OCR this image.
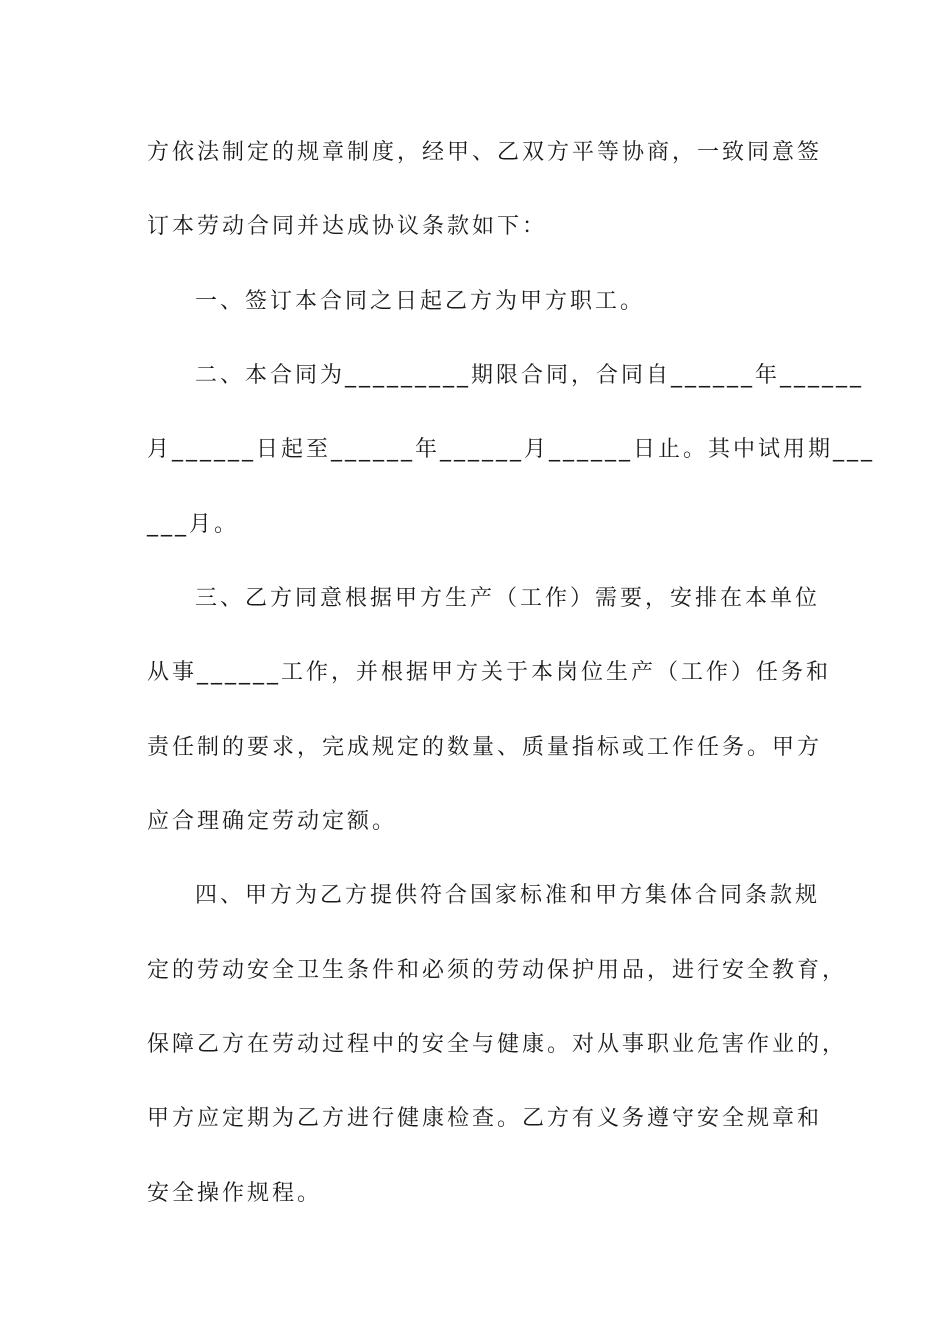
方依法制定的规章制度，经甲、乙双方平等协商，一致同意签
订本劳动合同并达成协议条款如下：
一、签订本合同之日起乙方为甲方职工。
二、本合同为_________期限合同，合同自______年______
月______日起至______年______月______日止。其中试用期___
___月。
三、乙方同意根据甲方生产（工作）需要，安排在本单位
从事______工作，并根据甲方关于本岗位生产（工作）任务和
责任制的要求，完成规定的数量、质量指标或工作任务。甲方
应合理确定劳动定额。
四、甲方为乙方提供符合国家标准和甲方集体合同条款规
定的劳动安全卫生条件和必须的劳动保护用品，进行安全教育，
保障乙方在劳动过程中的安全与健康。对从事职业危害作业的，
甲方应定期为乙方进行健康检查。乙方有义务遵守安全规章和
安全操作规程。
